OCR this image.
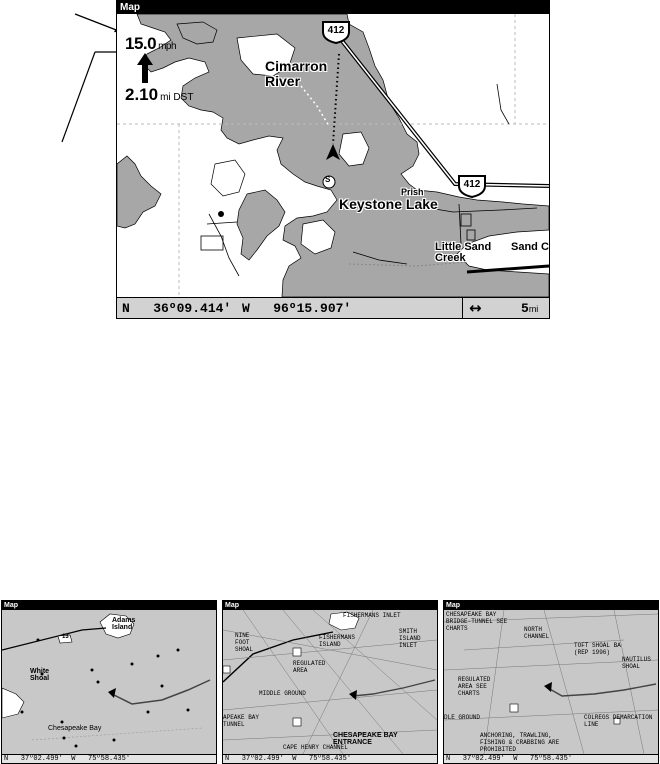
Map
412
412
S
15.0 mph
2.10 mi DST
Cimarron River
Keystone Lake
Prish
Little Sand Creek
Sand C
N   36º09.414' W   96º15.907'	↔	5mi
Map
Adams Island
White Shoal
Chesapeake Bay
13
N   37º02.499'  W   75º58.435'
Map
FISHERMANS INLET
NINE FOOT SHOAL
FISHERMANS ISLAND
SMITH ISLAND INLET
REGULATED AREA
MIDDLE GROUND
CHESAPEAKE BAY ENTRANCE
CAPE HENRY CHANNEL
APEAKE BAY TUNNEL
N   37º02.499'  W   75º58.435'
Map
CHESAPEAKE BAY BRIDGE-TUNNEL SEE CHARTS	NORTH CHANNEL
TOFT SHOAL BA (REP 1996)
NAUTILUS SHOAL
REGULATED AREA SEE CHARTS
DLE GROUND	COLREGS DEMARCATION LINE
ANCHORING, TRAWLING, FISHING & CRABBING ARE PROHIBITED
N   37º02.499'  W   75º58.435'
